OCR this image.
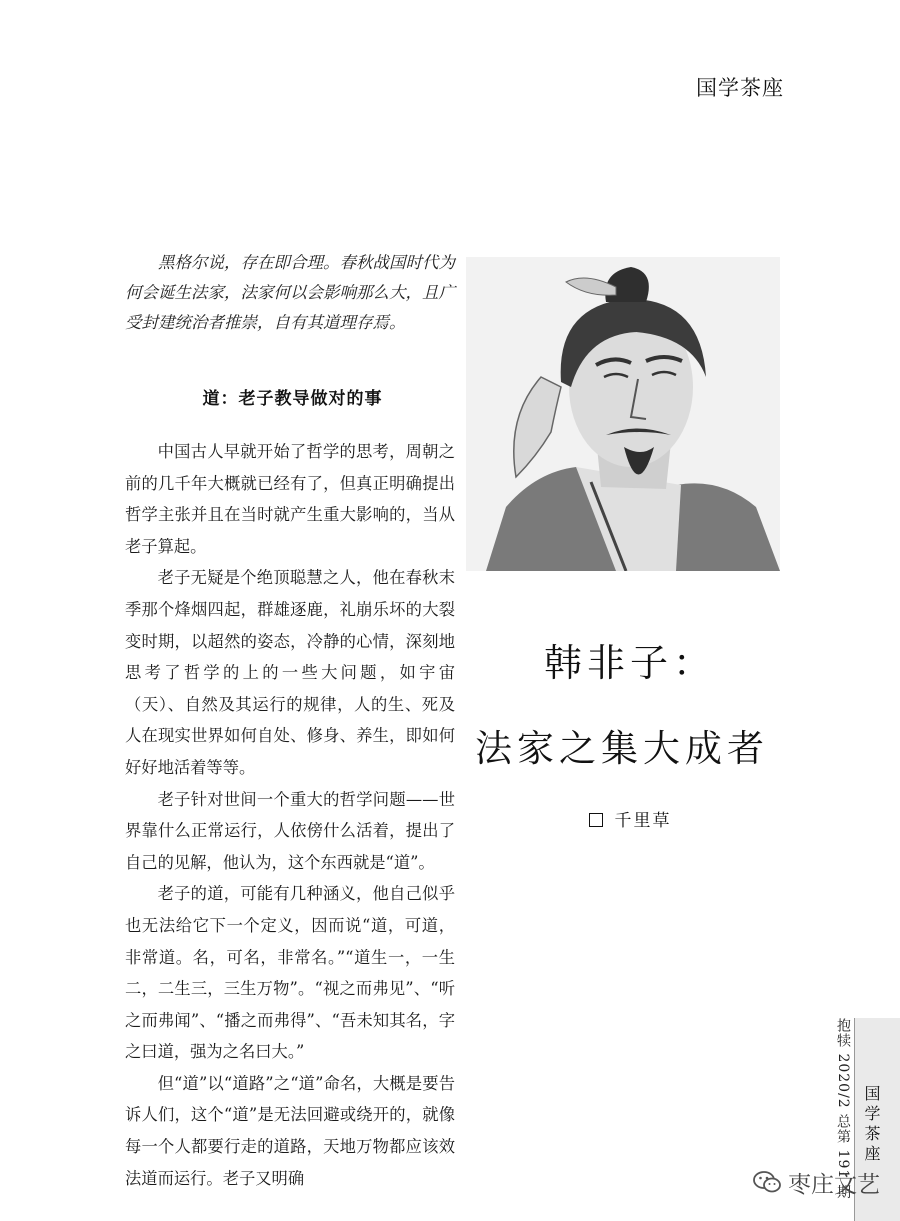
国学茶座

黑格尔说，存在即合理。春秋战国时代为何会诞生法家，法家何以会影响那么大，且广受封建统治者推崇，自有其道理存焉。

道：老子教导做对的事

中国古人早就开始了哲学的思考，周朝之前的几千年大概就已经有了，但真正明确提出哲学主张并且在当时就产生重大影响的，当从老子算起。

老子无疑是个绝顶聪慧之人，他在春秋末季那个烽烟四起，群雄逐鹿，礼崩乐坏的大裂变时期，以超然的姿态，冷静的心情，深刻地思考了哲学的上的一些大问题，如宇宙（天）、自然及其运行的规律，人的生、死及人在现实世界如何自处、修身、养生，即如何好好地活着等等。

老子针对世间一个重大的哲学问题——世界靠什么正常运行，人依傍什么活着，提出了自己的见解，他认为，这个东西就是“道”。

老子的道，可能有几种涵义，他自己似乎也无法给它下一个定义，因而说“道，可道，非常道。名，可名，非常名。”“道生一，一生二，二生三，三生万物”。“视之而弗见”、“听之而弗闻”、“播之而弗得”、“吾未知其名，字之曰道，强为之名曰大。”

但“道”以“道路”之“道”命名，大概是要告诉人们，这个“道”是无法回避或绕开的，就像每一个人都要行走的道路，天地万物都应该效法道而运行。老子又明确

韩非子：
法家之集大成者
千里草
抱犊 2020/2 总第 191 期 国学茶座
枣庄文艺
